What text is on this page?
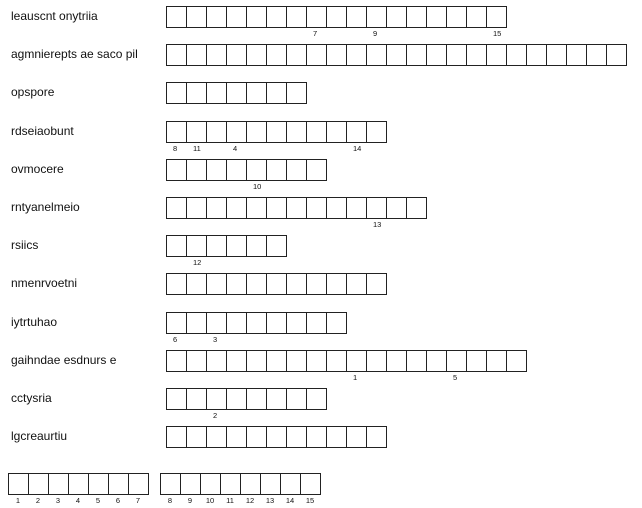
leauscnt onytriia
7	9	15
agmnierepts ae saco pil
opspore
rdseiaobunt
8 11	4	14
ovmocere
10
rntyanelmeio
13
rsiics
12
nmenrvoetni
iytrtuhao
6	3
gaihndae esdnurs e
1	5
cctysria
2
lgcreaurtiu
1	2	3	4	5	6	7	8	9	10	11	12	13	14	15
